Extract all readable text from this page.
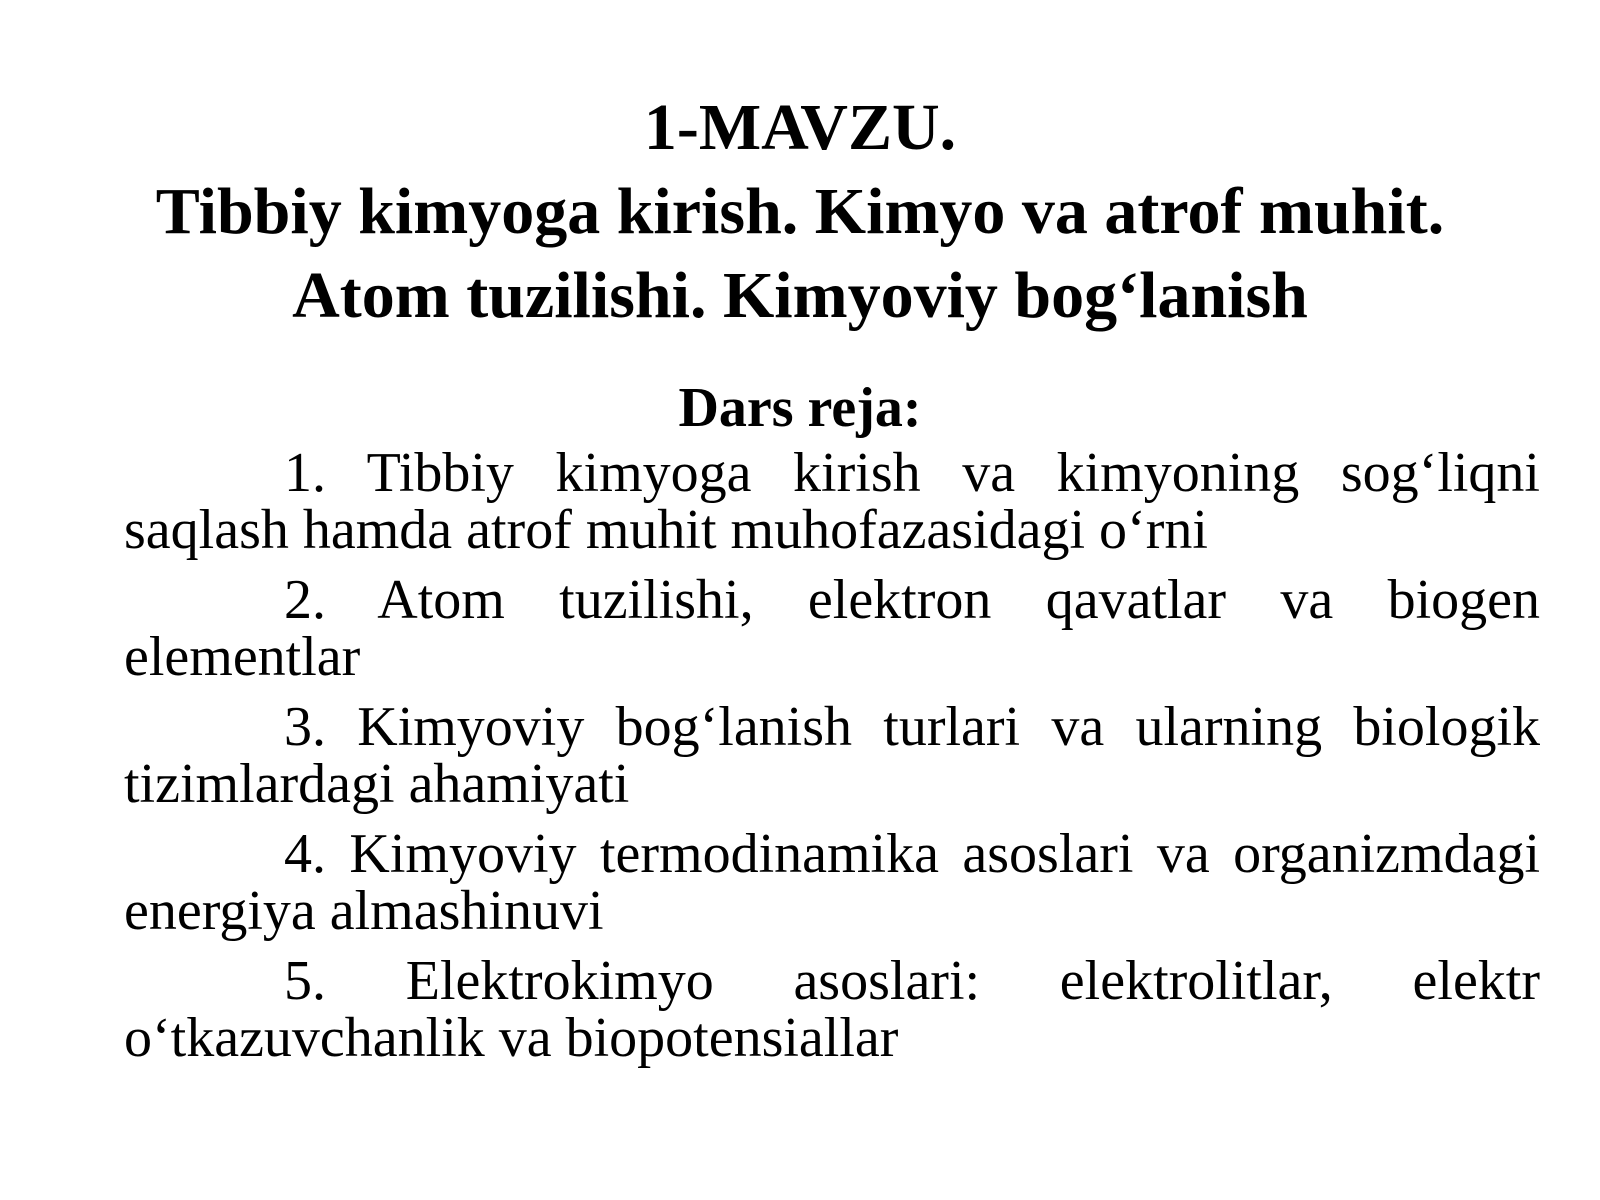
1-MAVZU.
Tibbiy kimyoga kirish. Kimyo va atrof muhit.
Atom tuzilishi. Kimyoviy bog‘lanish
Dars reja:
1. Tibbiy kimyoga kirish va kimyoning sog‘liqni saqlash hamda atrof muhit muhofazasidagi o‘rni
2. Atom tuzilishi, elektron qavatlar va biogen elementlar
3. Kimyoviy bog‘lanish turlari va ularning biologik tizimlardagi ahamiyati
4. Kimyoviy termodinamika asoslari va organizmdagi energiya almashinuvi
5. Elektrokimyo asoslari: elektrolitlar, elektr o‘tkazuvchanlik va biopotensiallar
